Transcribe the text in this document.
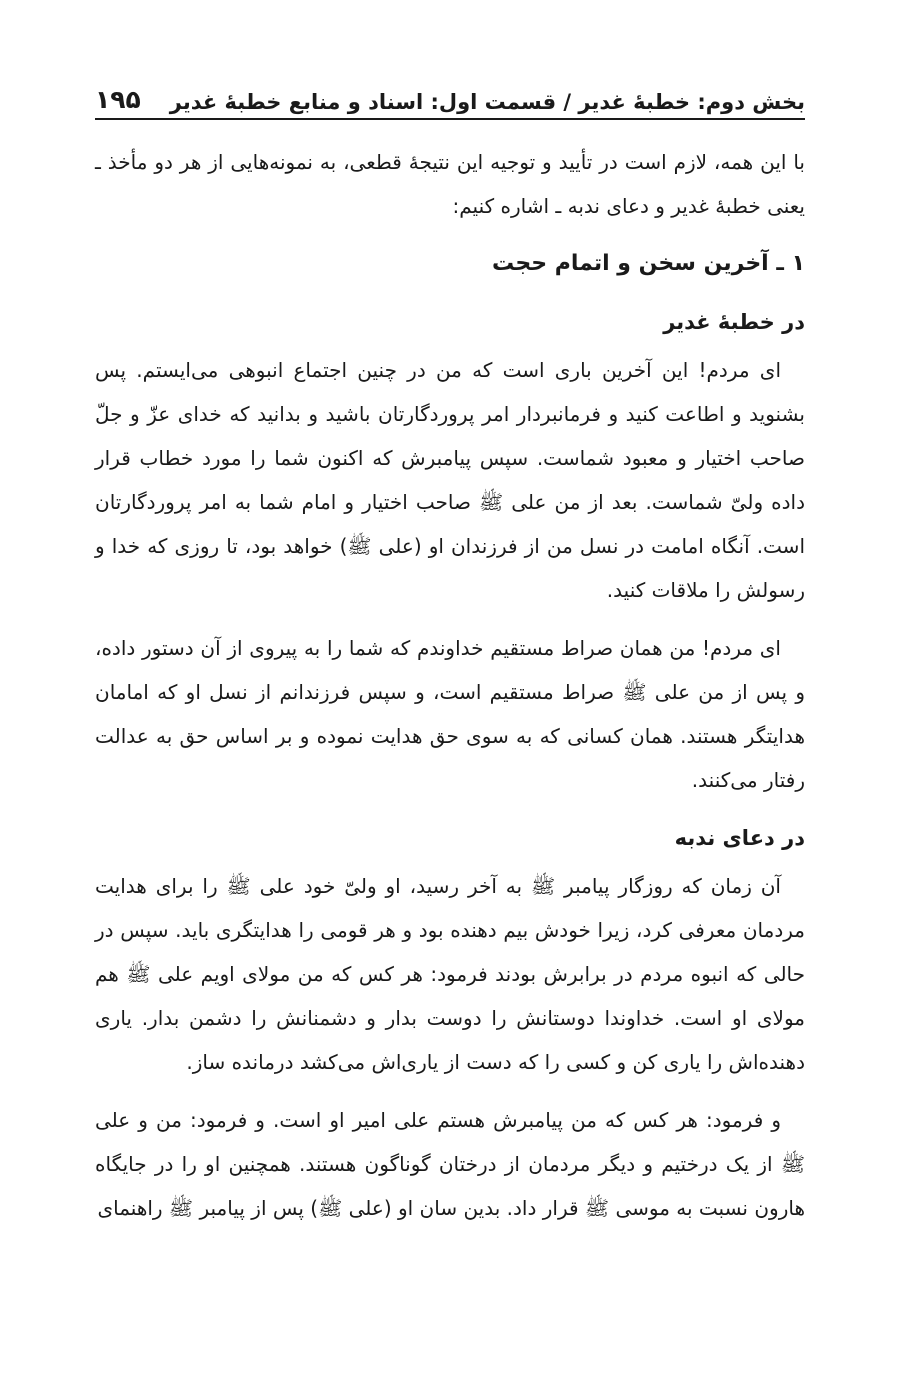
بخش دوم: خطبهٔ غدیر / قسمت اول: اسناد و منابع خطبهٔ غدیر
۱۹۵

با این همه، لازم است در تأیید و توجیه این نتیجهٔ قطعی، به نمونه‌هایی از هر دو مأخذ ـ یعنی خطبهٔ غدیر و دعای ندبه ـ اشاره کنیم:

۱ ـ آخرین سخن و اتمام حجت
در خطبهٔ غدیر

ای مردم! این آخرین باری است که من در چنین اجتماع انبوهی می‌ایستم. پس بشنوید و اطاعت کنید و فرمانبردار امر پروردگارتان باشید و بدانید که خدای عزّ و جلّ صاحب اختیار و معبود شماست. سپس پیامبرش که اکنون شما را مورد خطاب قرار داده ولیّ شماست. بعد از من علی ﷺ صاحب اختیار و امام شما به امر پروردگارتان است. آنگاه امامت در نسل من از فرزندان او (علی ﷺ) خواهد بود، تا روزی که خدا و رسولش را ملاقات کنید.

ای مردم! من همان صراط مستقیم خداوندم که شما را به پیروی از آن دستور داده، و پس از من علی ﷺ صراط مستقیم است، و سپس فرزندانم از نسل او که امامان هدایتگر هستند. همان کسانی که به سوی حق هدایت نموده و بر اساس حق به عدالت رفتار می‌کنند.

در دعای ندبه

آن زمان که روزگار پیامبر ﷺ به آخر رسید، او ولیّ خود علی ﷺ را برای هدایت مردمان معرفی کرد، زیرا خودش بیم دهنده بود و هر قومی را هدایتگری باید. سپس در حالی که انبوه مردم در برابرش بودند فرمود: هر کس که من مولای اویم علی ﷺ هم مولای او است. خداوندا دوستانش را دوست بدار و دشمنانش را دشمن بدار. یاری دهنده‌اش را یاری کن و کسی را که دست از یاری‌اش می‌کشد درمانده ساز.

و فرمود: هر کس که من پیامبرش هستم علی امیر او است. و فرمود: من و علی ﷺ از یک درختیم و دیگر مردمان از درختان گوناگون هستند. همچنین او را در جایگاه هارون نسبت به موسی ﷺ قرار داد. بدین سان او (علی ﷺ) پس از پیامبر ﷺ راهنمای
